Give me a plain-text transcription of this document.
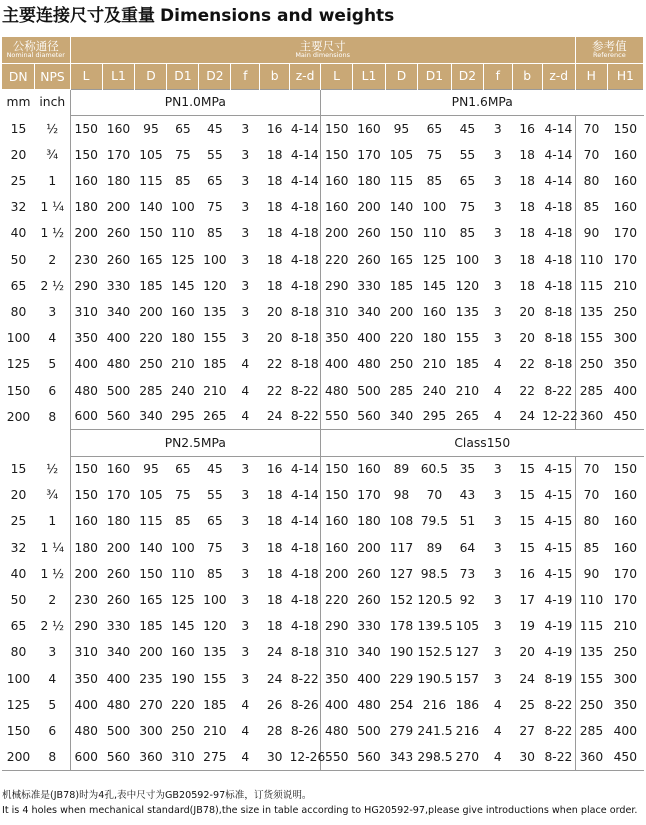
主要连接尺寸及重量 Dimensions and weights
公称通径
Nominal diameter		主要尺寸
Main dimensions																参考值
Reference	

DN	NPS	L	L1	D	D1	D2	f	b	z-d	L	L1	D	D1	D2	f	b	z-d	H	H1
mm	inch	PN1.0MPa								PN1.6MPa									
15	½	150	160	95	65	45	3	16	4-14	150	160	95	65	45	3	16	4-14	70	150
20	¾	150	170	105	75	55	3	18	4-14	150	170	105	75	55	3	18	4-14	70	160
25	1	160	180	115	85	65	3	18	4-14	160	180	115	85	65	3	18	4-14	80	160
32	1 ¼	180	200	140	100	75	3	18	4-18	160	200	140	100	75	3	18	4-18	85	160
40	1 ½	200	260	150	110	85	3	18	4-18	200	260	150	110	85	3	18	4-18	90	170
50	2	230	260	165	125	100	3	18	4-18	220	260	165	125	100	3	18	4-18	110	170
65	2 ½	290	330	185	145	120	3	18	4-18	290	330	185	145	120	3	18	4-18	115	210
80	3	310	340	200	160	135	3	20	8-18	310	340	200	160	135	3	20	8-18	135	250
100	4	350	400	220	180	155	3	20	8-18	350	400	220	180	155	3	20	8-18	155	300
125	5	400	480	250	210	185	4	22	8-18	400	480	250	210	185	4	22	8-18	250	350
150	6	480	500	285	240	210	4	22	8-22	480	500	285	240	210	4	22	8-22	285	400
200	8	600	560	340	295	265	4	24	8-22	550	560	340	295	265	4	24	12-22	360	450
		PN2.5MPa								Class150									
15	½	150	160	95	65	45	3	16	4-14	150	160	89	60.5	35	3	15	4-15	70	150
20	¾	150	170	105	75	55	3	18	4-14	150	170	98	70	43	3	15	4-15	70	160
25	1	160	180	115	85	65	3	18	4-14	160	180	108	79.5	51	3	15	4-15	80	160
32	1 ¼	180	200	140	100	75	3	18	4-18	160	200	117	89	64	3	15	4-15	85	160
40	1 ½	200	260	150	110	85	3	18	4-18	200	260	127	98.5	73	3	16	4-15	90	170
50	2	230	260	165	125	100	3	18	4-18	220	260	152	120.5	92	3	17	4-19	110	170
65	2 ½	290	330	185	145	120	3	18	4-18	290	330	178	139.5	105	3	19	4-19	115	210
80	3	310	340	200	160	135	3	24	8-18	310	340	190	152.5	127	3	20	4-19	135	250
100	4	350	400	235	190	155	3	24	8-22	350	400	229	190.5	157	3	24	8-19	155	300
125	5	400	480	270	220	185	4	26	8-26	400	480	254	216	186	4	25	8-22	250	350
150	6	480	500	300	250	210	4	28	8-26	480	500	279	241.5	216	4	27	8-22	285	400
200	8	600	560	360	310	275	4	30	12-26	550	560	343	298.5	270	4	30	8-22	360	450
机械标准是(JB78)时为4孔,表中尺寸为GB20592-97标准，订货须说明。
It is 4 holes when mechanical standard(JB78),the size in table according to HG20592-97,please give introductions when place order.
